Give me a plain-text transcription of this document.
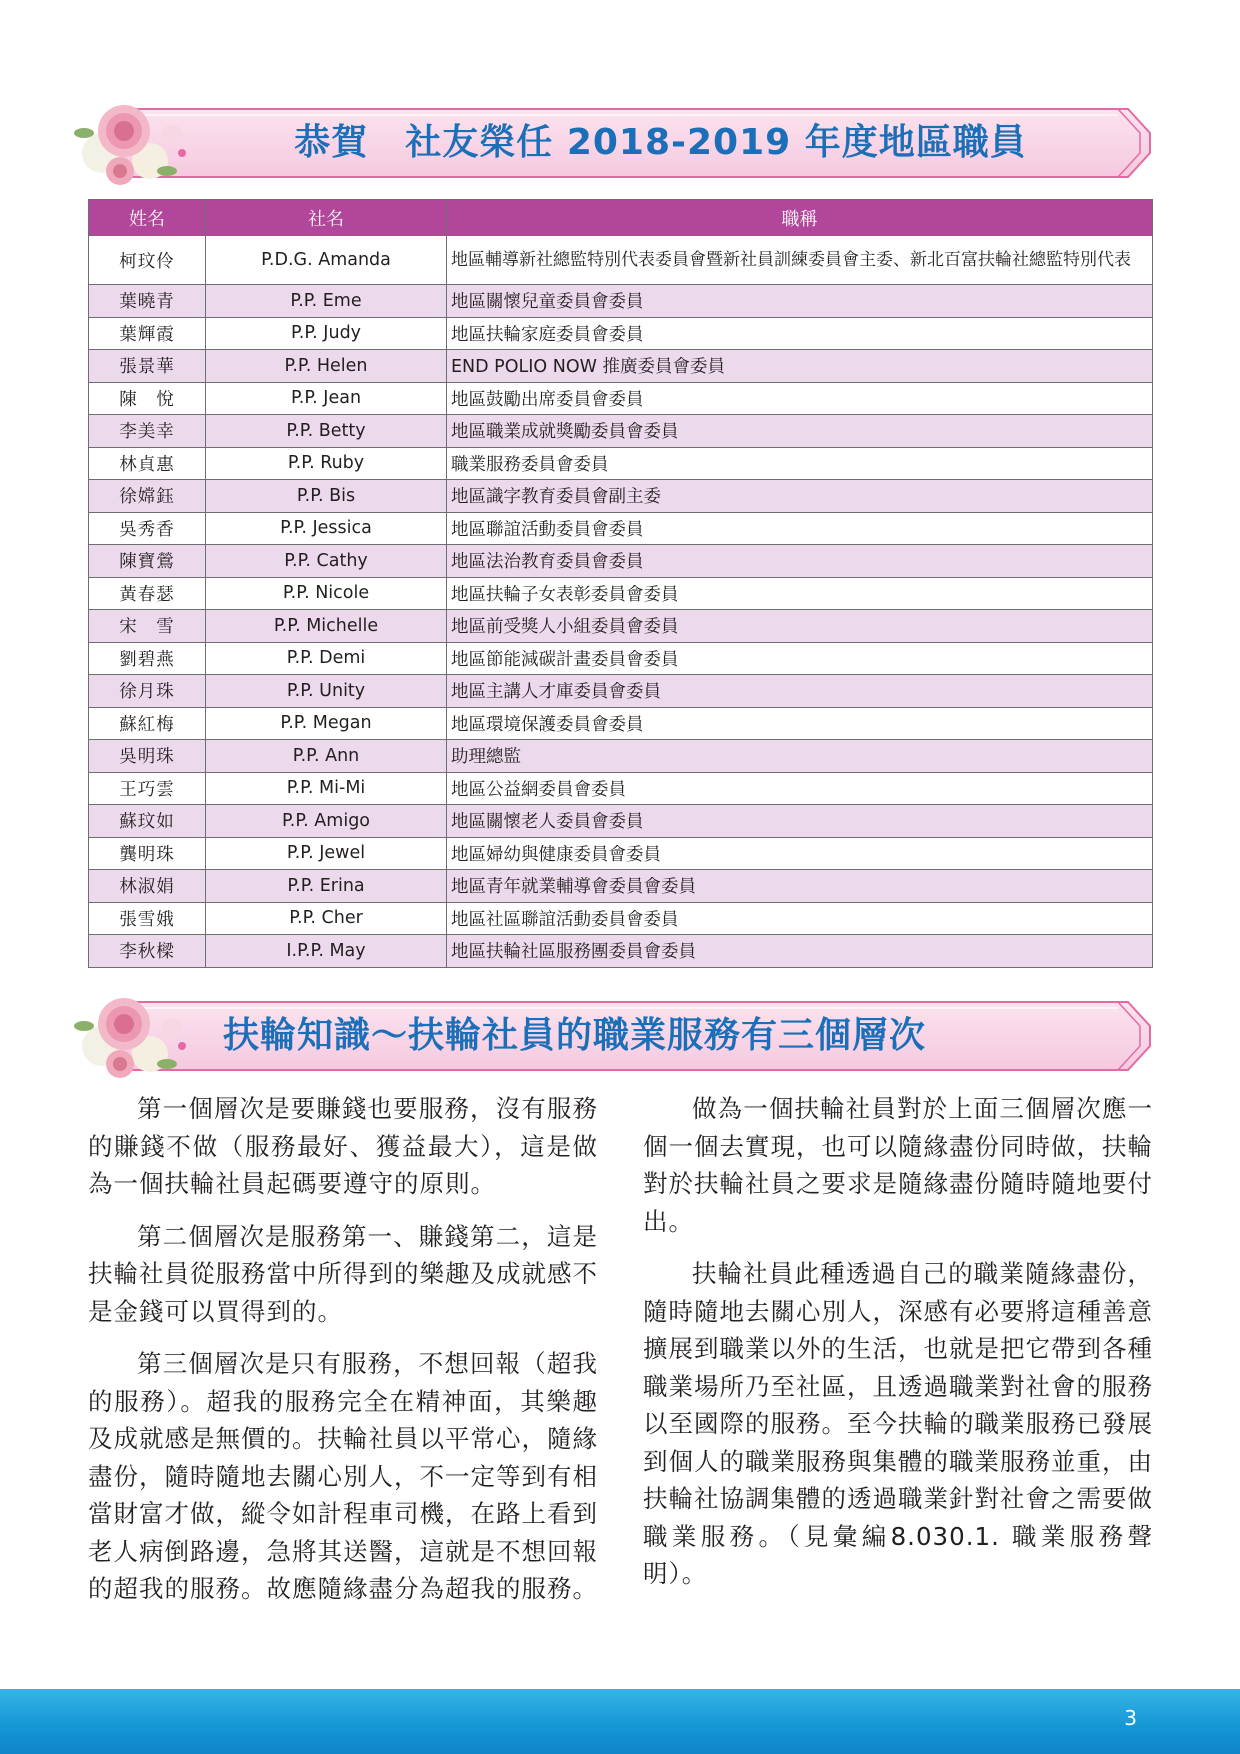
恭賀　社友榮任 2018-2019 年度地區職員
姓名	社名	職稱
柯玟伶	P.D.G. Amanda	地區輔導新社總監特別代表委員會暨新社員訓練委員會主委、新北百富扶輪社總監特別代表
葉曉青	P.P. Eme	地區關懷兒童委員會委員
葉輝霞	P.P. Judy	地區扶輪家庭委員會委員
張景華	P.P. Helen	END POLIO NOW 推廣委員會委員
陳　悅	P.P. Jean	地區鼓勵出席委員會委員
李美幸	P.P. Betty	地區職業成就獎勵委員會委員
林貞惠	P.P. Ruby	職業服務委員會委員
徐嫦鈺	P.P. Bis	地區識字教育委員會副主委
吳秀香	P.P. Jessica	地區聯誼活動委員會委員
陳寶鶯	P.P. Cathy	地區法治教育委員會委員
黃春瑟	P.P. Nicole	地區扶輪子女表彰委員會委員
宋　雪	P.P. Michelle	地區前受獎人小組委員會委員
劉碧燕	P.P. Demi	地區節能減碳計畫委員會委員
徐月珠	P.P. Unity	地區主講人才庫委員會委員
蘇紅梅	P.P. Megan	地區環境保護委員會委員
吳明珠	P.P. Ann	助理總監
王巧雲	P.P. Mi-Mi	地區公益網委員會委員
蘇玟如	P.P. Amigo	地區關懷老人委員會委員
龔明珠	P.P. Jewel	地區婦幼與健康委員會委員
林淑娟	P.P. Erina	地區青年就業輔導會委員會委員
張雪娥	P.P. Cher	地區社區聯誼活動委員會委員
李秋樑	I.P.P. May	地區扶輪社區服務團委員會委員
扶輪知識～扶輪社員的職業服務有三個層次

第一個層次是要賺錢也要服務，沒有服務的賺錢不做（服務最好、獲益最大），這是做為一個扶輪社員起碼要遵守的原則。

第二個層次是服務第一、賺錢第二，這是扶輪社員從服務當中所得到的樂趣及成就感不是金錢可以買得到的。

第三個層次是只有服務，不想回報（超我的服務）。超我的服務完全在精神面，其樂趣及成就感是無價的。扶輪社員以平常心，隨緣盡份，隨時隨地去關心別人，不一定等到有相當財富才做，縱令如計程車司機，在路上看到老人病倒路邊，急將其送醫，這就是不想回報的超我的服務。故應隨緣盡分為超我的服務。

做為一個扶輪社員對於上面三個層次應一個一個去實現，也可以隨緣盡份同時做，扶輪對於扶輪社員之要求是隨緣盡份隨時隨地要付出。

扶輪社員此種透過自己的職業隨緣盡份，隨時隨地去關心別人，深感有必要將這種善意擴展到職業以外的生活，也就是把它帶到各種職業場所乃至社區，且透過職業對社會的服務以至國際的服務。至今扶輪的職業服務已發展到個人的職業服務與集體的職業服務並重，由扶輪社協調集體的透過職業針對社會之需要做職業服務。（見彙編8.030.1. 職業服務聲明）。

3
